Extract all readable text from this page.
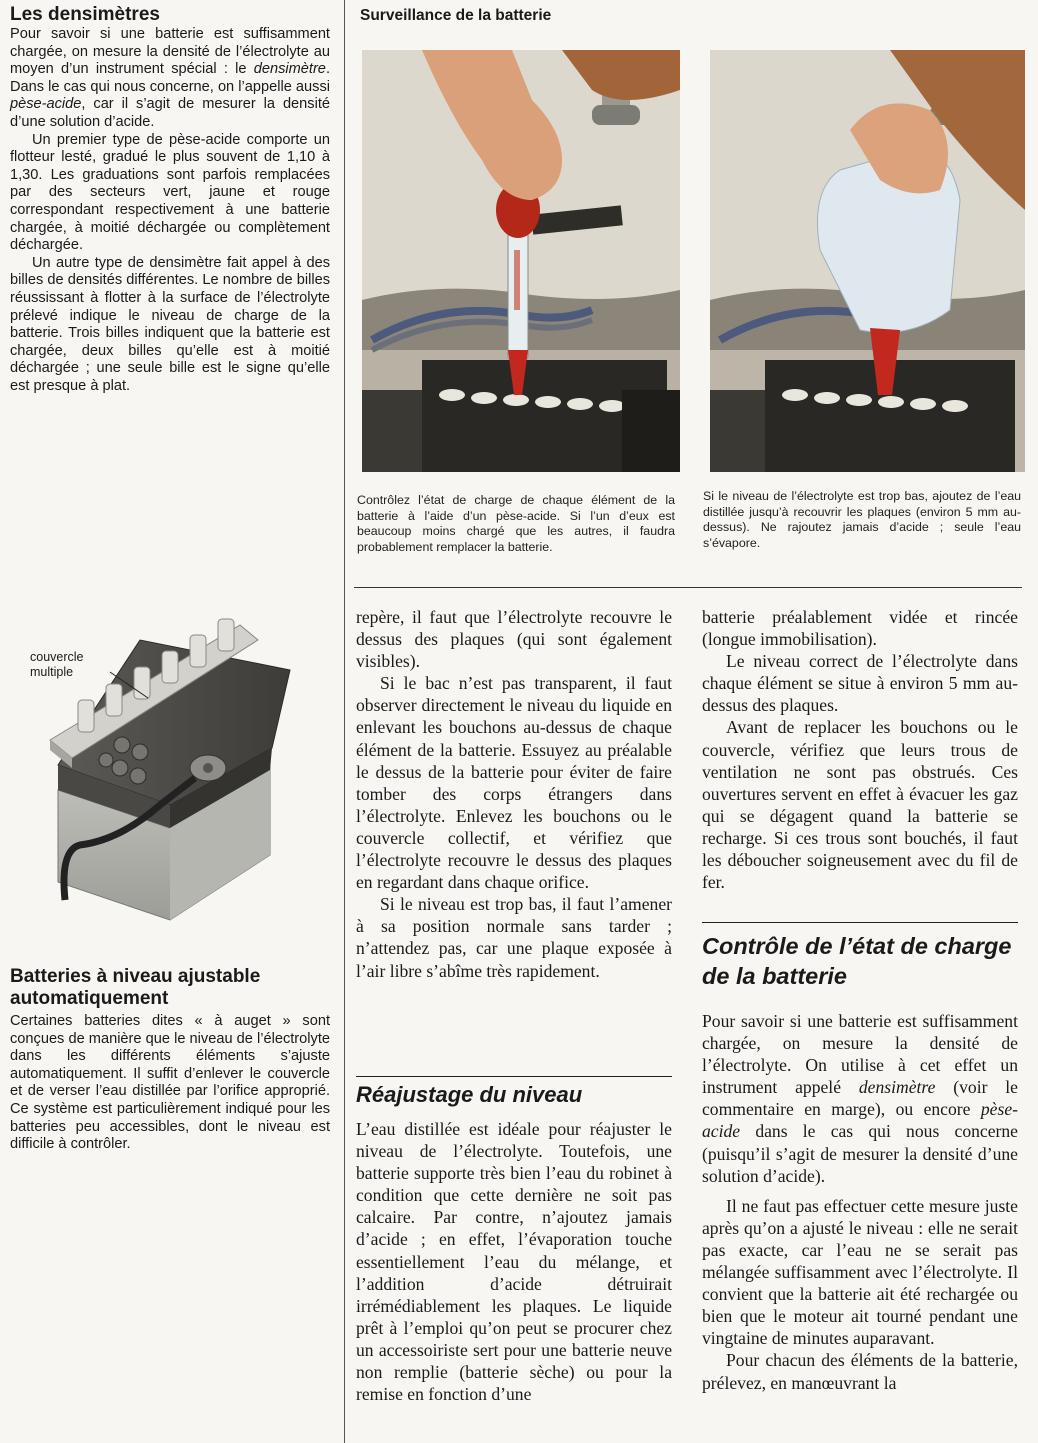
Les densimètres

Pour savoir si une batterie est suffisamment chargée, on mesure la densité de l’électrolyte au moyen d’un instrument spécial : le densimètre. Dans le cas qui nous concerne, on l’appelle aussi pèse-acide, car il s’agit de mesurer la densité d’une solution d’acide.

Un premier type de pèse-acide comporte un flotteur lesté, gradué le plus souvent de 1,10 à 1,30. Les graduations sont parfois remplacées par des secteurs vert, jaune et rouge correspondant respectivement à une batterie chargée, à moitié déchargée ou complètement déchargée.

Un autre type de densimètre fait appel à des billes de densités différentes. Le nombre de billes réussissant à flotter à la surface de l’électrolyte prélevé indique le niveau de charge de la batterie. Trois billes indiquent que la batterie est chargée, deux billes qu’elle est à moitié déchargée ; une seule bille est le signe qu’elle est presque à plat.

couvercle multiple
Batteries à niveau ajustable automatiquement

Certaines batteries dites « à auget » sont conçues de manière que le niveau de l’électrolyte dans les différents éléments s’ajuste automatiquement. Il suffit d’enlever le couvercle et de verser l’eau distillée par l’orifice approprié. Ce système est particulièrement indiqué pour les batteries peu accessibles, dont le niveau est difficile à contrôler.

Surveillance de la batterie
Contrôlez l’état de charge de chaque élément de la batterie à l’aide d’un pèse-acide. Si l’un d’eux est beaucoup moins chargé que les autres, il faudra probablement remplacer la batterie.
Si le niveau de l’électrolyte est trop bas, ajoutez de l’eau distillée jusqu’à recouvrir les plaques (environ 5 mm au-dessus). Ne rajoutez jamais d’acide ; seule l’eau s’évapore.

repère, il faut que l’électrolyte recouvre le dessus des plaques (qui sont également visibles).

Si le bac n’est pas transparent, il faut observer directement le niveau du liquide en enlevant les bouchons au-dessus de chaque élément de la batterie. Essuyez au préalable le dessus de la batterie pour éviter de faire tomber des corps étrangers dans l’électrolyte. Enlevez les bouchons ou le couvercle collectif, et vérifiez que l’électrolyte recouvre le dessus des plaques en regardant dans chaque orifice.

Si le niveau est trop bas, il faut l’amener à sa position normale sans tarder ; n’attendez pas, car une plaque exposée à l’air libre s’abîme très rapidement.

Réajustage du niveau

L’eau distillée est idéale pour réajuster le niveau de l’électrolyte. Toutefois, une batterie supporte très bien l’eau du robinet à condition que cette dernière ne soit pas calcaire. Par contre, n’ajoutez jamais d’acide ; en effet, l’évaporation touche essentiellement l’eau du mélange, et l’addition d’acide détruirait irrémédiablement les plaques. Le liquide prêt à l’emploi qu’on peut se procurer chez un accessoiriste sert pour une batterie neuve non remplie (batterie sèche) ou pour la remise en fonction d’une

batterie préalablement vidée et rincée (longue immobilisation).

Le niveau correct de l’électrolyte dans chaque élément se situe à environ 5 mm au-dessus des plaques.

Avant de replacer les bouchons ou le couvercle, vérifiez que leurs trous de ventilation ne sont pas obstrués. Ces ouvertures servent en effet à évacuer les gaz qui se dégagent quand la batterie se recharge. Si ces trous sont bouchés, il faut les déboucher soigneusement avec du fil de fer.

Contrôle de l’état de charge de la batterie

Pour savoir si une batterie est suffisamment chargée, on mesure la densité de l’électrolyte. On utilise à cet effet un instrument appelé densimètre (voir le commentaire en marge), ou encore pèse-acide dans le cas qui nous concerne (puisqu’il s’agit de mesurer la densité d’une solution d’acide).

Il ne faut pas effectuer cette mesure juste après qu’on a ajusté le niveau : elle ne serait pas exacte, car l’eau ne se serait pas mélangée suffisamment avec l’électrolyte. Il convient que la batterie ait été rechargée ou bien que le moteur ait tourné pendant une vingtaine de minutes auparavant.

Pour chacun des éléments de la batterie, prélevez, en manœuvrant la
